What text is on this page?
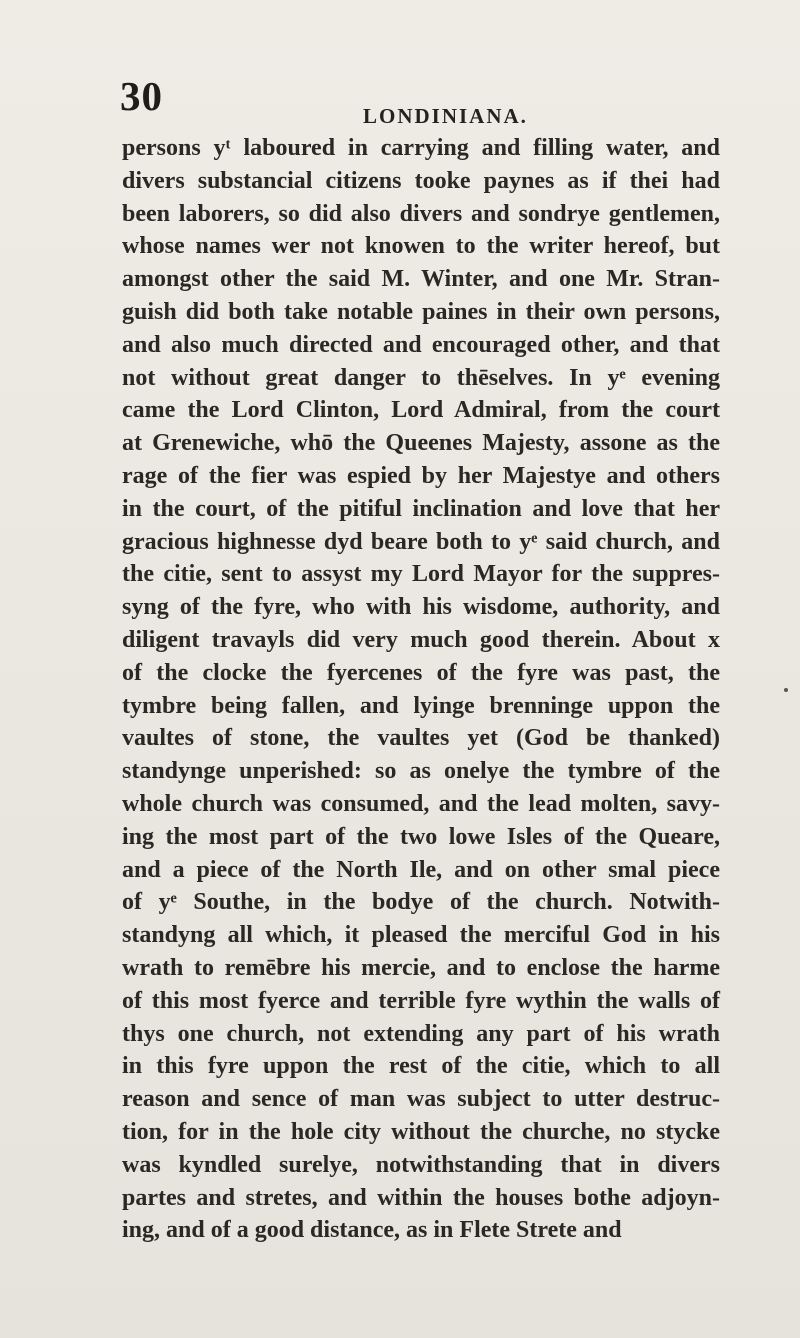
30	LONDINIANA.
persons yᵗ laboured in carrying and filling water, and
divers substancial citizens tooke paynes as if thei had
been laborers, so did also divers and sondrye gentlemen,
whose names wer not knowen to the writer hereof, but
amongst other the said M. Winter, and one Mr. Stran-
guish did both take notable paines in their own persons,
and also much directed and encouraged other, and that
not without great danger to thēselves. In yᵉ evening
came the Lord Clinton, Lord Admiral, from the court
at Grenewiche, whō the Queenes Majesty, assone as the
rage of the fier was espied by her Majestye and others
in the court, of the pitiful inclination and love that her
gracious highnesse dyd beare both to yᵉ said church, and
the citie, sent to assyst my Lord Mayor for the suppres-
syng of the fyre, who with his wisdome, authority, and
diligent travayls did very much good therein. About x
of the clocke the fyercenes of the fyre was past, the
tymbre being fallen, and lyinge brenninge uppon the
vaultes of stone, the vaultes yet (God be thanked)
standynge unperished: so as onelye the tymbre of the
whole church was consumed, and the lead molten, savy-
ing the most part of the two lowe Isles of the Queare,
and a piece of the North Ile, and on other smal piece
of yᵉ Southe, in the bodye of the church. Notwith-
standyng all which, it pleased the merciful God in his
wrath to remēbre his mercie, and to enclose the harme
of this most fyerce and terrible fyre wythin the walls of
thys one church, not extending any part of his wrath
in this fyre uppon the rest of the citie, which to all
reason and sence of man was subject to utter destruc-
tion, for in the hole city without the churche, no stycke
was kyndled surelye, notwithstanding that in divers
partes and stretes, and within the houses bothe adjoyn-
ing, and of a good distance, as in Flete Strete and
